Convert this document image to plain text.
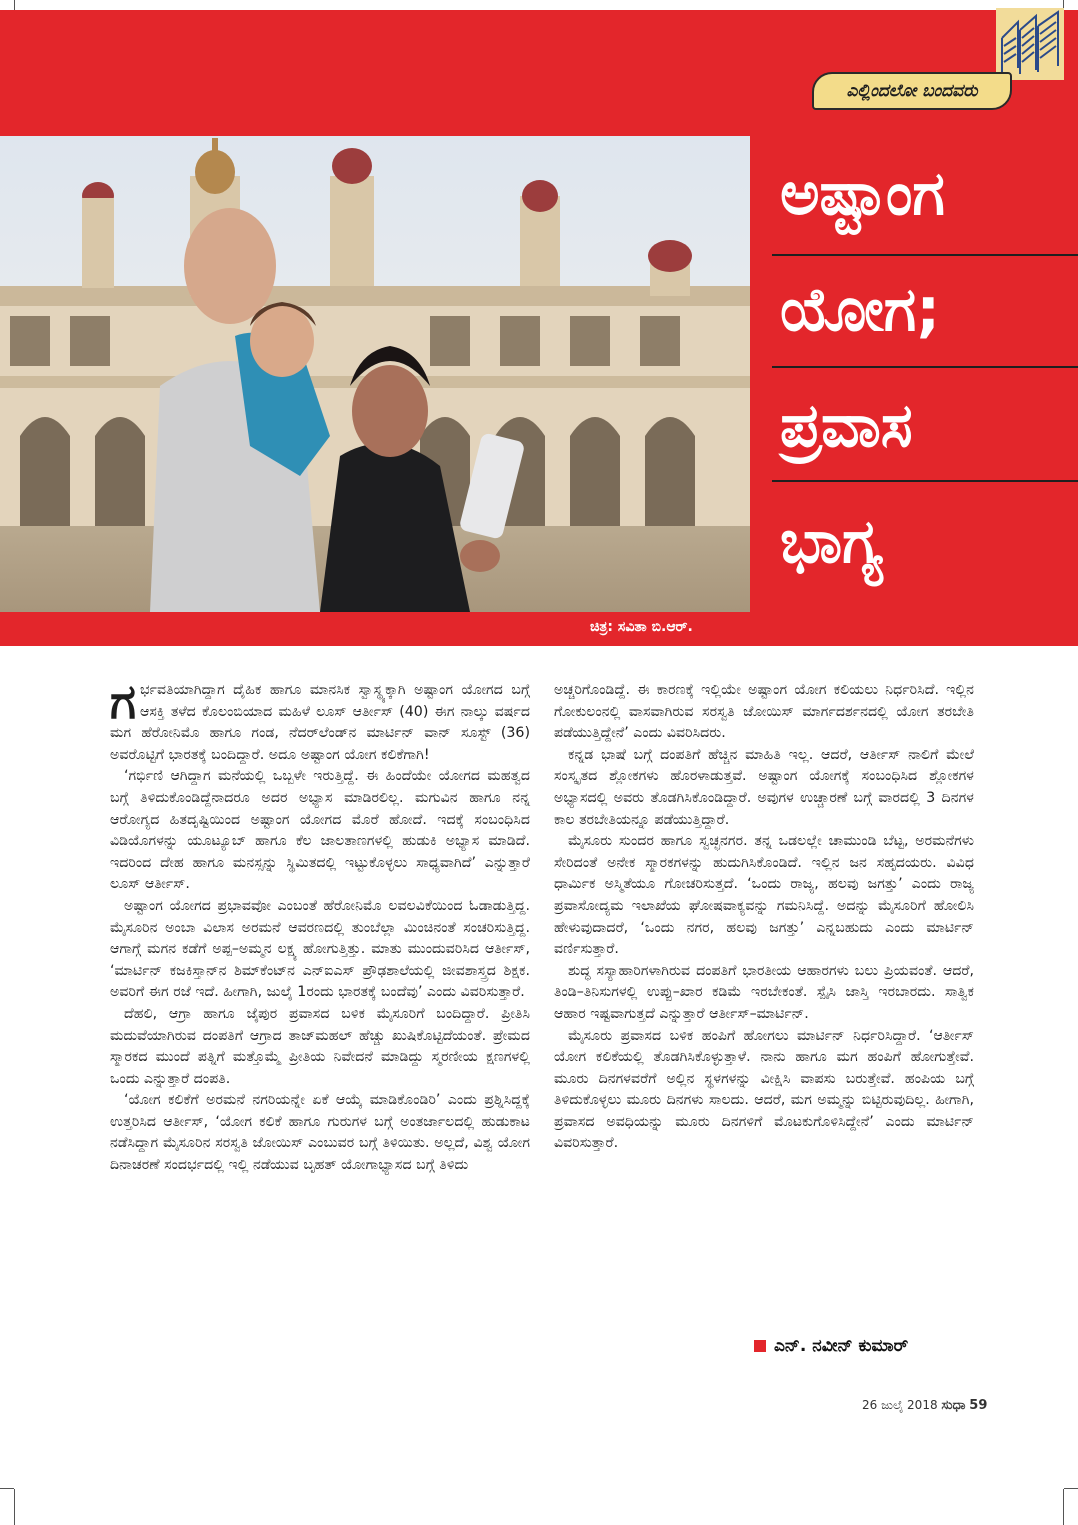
ಎಲ್ಲಿಂದಲೋ ಬಂದವರು
ಚಿತ್ರ: ಸವಿತಾ ಬಿ.ಆರ್.
ಅಷ್ಟಾಂಗ
ಯೋಗ;
ಪ್ರವಾಸ
ಭಾಗ್ಯ

ಗರ್ಭವತಿಯಾಗಿದ್ದಾಗ ದೈಹಿಕ ಹಾಗೂ ಮಾನಸಿಕ ಸ್ವಾಸ್ಥ್ಯಕ್ಕಾಗಿ ಅಷ್ಟಾಂಗ ಯೋಗದ ಬಗ್ಗೆ ಆಸಕ್ತಿ ತಳೆದ ಕೊಲಂಬಿಯಾದ ಮಹಿಳೆ ಲೂಸ್ ಆರ್ತೀಸ್ (40) ಈಗ ನಾಲ್ಕು ವರ್ಷದ ಮಗ ಹೆರೋನಿಮೊ ಹಾಗೂ ಗಂಡ, ನೆದರ್‌ಲೆಂಡ್‌ನ ಮಾರ್ಟಿನ್ ವಾನ್ ಸೂಸ್ಟ್ (36) ಅವರೊಟ್ಟಿಗೆ ಭಾರತಕ್ಕೆ ಬಂದಿದ್ದಾರೆ. ಅದೂ ಅಷ್ಟಾಂಗ ಯೋಗ ಕಲಿಕೆಗಾಗಿ!

‘ಗರ್ಭಿಣಿ ಆಗಿದ್ದಾಗ ಮನೆಯಲ್ಲಿ ಒಬ್ಬಳೇ ಇರುತ್ತಿದ್ದೆ. ಈ ಹಿಂದೆಯೇ ಯೋಗದ ಮಹತ್ವದ ಬಗ್ಗೆ ತಿಳಿದುಕೊಂಡಿದ್ದೆನಾದರೂ ಅದರ ಅಭ್ಯಾಸ ಮಾಡಿರಲಿಲ್ಲ. ಮಗುವಿನ ಹಾಗೂ ನನ್ನ ಆರೋಗ್ಯದ ಹಿತದೃಷ್ಟಿಯಿಂದ ಅಷ್ಟಾಂಗ ಯೋಗದ ಮೊರೆ ಹೋದೆ. ಇದಕ್ಕೆ ಸಂಬಂಧಿಸಿದ ವಿಡಿಯೊಗಳನ್ನು ಯೂಟ್ಯೂಬ್ ಹಾಗೂ ಕೆಲ ಜಾಲತಾಣಗಳಲ್ಲಿ ಹುಡುಕಿ ಅಭ್ಯಾಸ ಮಾಡಿದೆ. ಇದರಿಂದ ದೇಹ ಹಾಗೂ ಮನಸ್ಸನ್ನು ಸ್ಥಿಮಿತದಲ್ಲಿ ಇಟ್ಟುಕೊಳ್ಳಲು ಸಾಧ್ಯವಾಗಿದೆ’ ಎನ್ನುತ್ತಾರೆ ಲೂಸ್ ಆರ್ತೀಸ್.

ಅಷ್ಟಾಂಗ ಯೋಗದ ಪ್ರಭಾವವೋ ಎಂಬಂತೆ ಹೆರೋನಿಮೊ ಲವಲವಿಕೆಯಿಂದ ಓಡಾಡುತ್ತಿದ್ದ. ಮೈಸೂರಿನ ಅಂಬಾ ವಿಲಾಸ ಅರಮನೆ ಆವರಣದಲ್ಲಿ ತುಂಬೆಲ್ಲಾ ಮಿಂಚಿನಂತೆ ಸಂಚರಿಸುತ್ತಿದ್ದ. ಆಗಾಗ್ಗೆ ಮಗನ ಕಡೆಗೆ ಅಪ್ಪ–ಅಮ್ಮನ ಲಕ್ಷ್ಯ ಹೋಗುತ್ತಿತ್ತು. ಮಾತು ಮುಂದುವರಿಸಿದ ಆರ್ತೀಸ್, ‘ಮಾರ್ಟಿನ್ ಕಜಕಿಸ್ತಾನ್‌ನ ಶಿಮ್‌ಕೆಂಟ್‌ನ ಎನ್‌ಐಎಸ್ ಪ್ರೌಢಶಾಲೆಯಲ್ಲಿ ಜೀವಶಾಸ್ತ್ರದ ಶಿಕ್ಷಕ. ಅವರಿಗೆ ಈಗ ರಜೆ ಇದೆ. ಹೀಗಾಗಿ, ಜುಲೈ 1ರಂದು ಭಾರತಕ್ಕೆ ಬಂದೆವು’ ಎಂದು ವಿವರಿಸುತ್ತಾರೆ.

ದೆಹಲಿ, ಆಗ್ರಾ ಹಾಗೂ ಜೈಪುರ ಪ್ರವಾಸದ ಬಳಿಕ ಮೈಸೂರಿಗೆ ಬಂದಿದ್ದಾರೆ. ಪ್ರೀತಿಸಿ ಮದುವೆಯಾಗಿರುವ ದಂಪತಿಗೆ ಆಗ್ರಾದ ತಾಜ್‌ಮಹಲ್ ಹೆಚ್ಚು ಖುಷಿಕೊಟ್ಟಿದೆಯಂತೆ. ಪ್ರೇಮದ ಸ್ಮಾರಕದ ಮುಂದೆ ಪತ್ನಿಗೆ ಮತ್ತೊಮ್ಮೆ ಪ್ರೀತಿಯ ನಿವೇದನೆ ಮಾಡಿದ್ದು ಸ್ಮರಣೀಯ ಕ್ಷಣಗಳಲ್ಲಿ ಒಂದು ಎನ್ನುತ್ತಾರೆ ದಂಪತಿ.

‘ಯೋಗ ಕಲಿಕೆಗೆ ಅರಮನೆ ನಗರಿಯನ್ನೇ ಏಕೆ ಆಯ್ಕೆ ಮಾಡಿಕೊಂಡಿರಿ’ ಎಂದು ಪ್ರಶ್ನಿಸಿದ್ದಕ್ಕೆ ಉತ್ತರಿಸಿದ ಆರ್ತೀಸ್, ‘ಯೋಗ ಕಲಿಕೆ ಹಾಗೂ ಗುರುಗಳ ಬಗ್ಗೆ ಅಂತರ್ಜಾಲದಲ್ಲಿ ಹುಡುಕಾಟ ನಡೆಸಿದ್ದಾಗ ಮೈಸೂರಿನ ಸರಸ್ವತಿ ಜೋಯಿಸ್ ಎಂಬುವರ ಬಗ್ಗೆ ತಿಳಿಯಿತು. ಅಲ್ಲದೆ, ವಿಶ್ವ ಯೋಗ ದಿನಾಚರಣೆ ಸಂದರ್ಭದಲ್ಲಿ ಇಲ್ಲಿ ನಡೆಯುವ ಬೃಹತ್ ಯೋಗಾಭ್ಯಾಸದ ಬಗ್ಗೆ ತಿಳಿದು

ಅಚ್ಚರಿಗೊಂಡಿದ್ದೆ. ಈ ಕಾರಣಕ್ಕೆ ಇಲ್ಲಿಯೇ ಅಷ್ಟಾಂಗ ಯೋಗ ಕಲಿಯಲು ನಿರ್ಧರಿಸಿದೆ. ಇಲ್ಲಿನ ಗೋಕುಲಂನಲ್ಲಿ ವಾಸವಾಗಿರುವ ಸರಸ್ವತಿ ಜೋಯಿಸ್ ಮಾರ್ಗದರ್ಶನದಲ್ಲಿ ಯೋಗ ತರಬೇತಿ ಪಡೆಯುತ್ತಿದ್ದೇನೆ’ ಎಂದು ವಿವರಿಸಿದರು.

ಕನ್ನಡ ಭಾಷೆ ಬಗ್ಗೆ ದಂಪತಿಗೆ ಹೆಚ್ಚಿನ ಮಾಹಿತಿ ಇಲ್ಲ. ಆದರೆ, ಆರ್ತೀಸ್ ನಾಲಿಗೆ ಮೇಲೆ ಸಂಸ್ಕೃತದ ಶ್ಲೋಕಗಳು ಹೊರಳಾಡುತ್ತವೆ. ಅಷ್ಟಾಂಗ ಯೋಗಕ್ಕೆ ಸಂಬಂಧಿಸಿದ ಶ್ಲೋಕಗಳ ಅಭ್ಯಾಸದಲ್ಲಿ ಅವರು ತೊಡಗಿಸಿಕೊಂಡಿದ್ದಾರೆ. ಅವುಗಳ ಉಚ್ಚಾರಣೆ ಬಗ್ಗೆ ವಾರದಲ್ಲಿ 3 ದಿನಗಳ ಕಾಲ ತರಬೇತಿಯನ್ನೂ ಪಡೆಯುತ್ತಿದ್ದಾರೆ.

ಮೈಸೂರು ಸುಂದರ ಹಾಗೂ ಸ್ವಚ್ಛನಗರ. ತನ್ನ ಒಡಲಲ್ಲೇ ಚಾಮುಂಡಿ ಬೆಟ್ಟ, ಅರಮನೆಗಳು ಸೇರಿದಂತೆ ಅನೇಕ ಸ್ಮಾರಕಗಳನ್ನು ಹುದುಗಿಸಿಕೊಂಡಿದೆ. ಇಲ್ಲಿನ ಜನ ಸಹೃದಯರು. ವಿವಿಧ ಧಾರ್ಮಿಕ ಅಸ್ಮಿತೆಯೂ ಗೋಚರಿಸುತ್ತದೆ. ‘ಒಂದು ರಾಜ್ಯ, ಹಲವು ಜಗತ್ತು’ ಎಂದು ರಾಜ್ಯ ಪ್ರವಾಸೋದ್ಯಮ ಇಲಾಖೆಯ ಘೋಷವಾಕ್ಯವನ್ನು ಗಮನಿಸಿದ್ದೆ. ಅದನ್ನು ಮೈಸೂರಿಗೆ ಹೋಲಿಸಿ ಹೇಳುವುದಾದರೆ, ‘ಒಂದು ನಗರ, ಹಲವು ಜಗತ್ತು’ ಎನ್ನಬಹುದು ಎಂದು ಮಾರ್ಟಿನ್ ವರ್ಣಿಸುತ್ತಾರೆ.

ಶುದ್ಧ ಸಸ್ಯಾಹಾರಿಗಳಾಗಿರುವ ದಂಪತಿಗೆ ಭಾರತೀಯ ಆಹಾರಗಳು ಬಲು ಪ್ರಿಯವಂತೆ. ಆದರೆ, ತಿಂಡಿ–ತಿನಿಸುಗಳಲ್ಲಿ ಉಪ್ಪು–ಖಾರ ಕಡಿಮೆ ಇರಬೇಕಂತೆ. ಸ್ಪೈಸಿ ಜಾಸ್ತಿ ಇರಬಾರದು. ಸಾತ್ವಿಕ ಆಹಾರ ಇಷ್ಟವಾಗುತ್ತದೆ ಎನ್ನುತ್ತಾರೆ ಆರ್ತೀಸ್–ಮಾರ್ಟಿನ್.

ಮೈಸೂರು ಪ್ರವಾಸದ ಬಳಿಕ ಹಂಪಿಗೆ ಹೋಗಲು ಮಾರ್ಟಿನ್ ನಿರ್ಧರಿಸಿದ್ದಾರೆ. ‘ಆರ್ತೀಸ್ ಯೋಗ ಕಲಿಕೆಯಲ್ಲಿ ತೊಡಗಿಸಿಕೊಳ್ಳುತ್ತಾಳೆ. ನಾನು ಹಾಗೂ ಮಗ ಹಂಪಿಗೆ ಹೋಗುತ್ತೇವೆ. ಮೂರು ದಿನಗಳವರೆಗೆ ಅಲ್ಲಿನ ಸ್ಥಳಗಳನ್ನು ವೀಕ್ಷಿಸಿ ವಾಪಸು ಬರುತ್ತೇವೆ. ಹಂಪಿಯ ಬಗ್ಗೆ ತಿಳಿದುಕೊಳ್ಳಲು ಮೂರು ದಿನಗಳು ಸಾಲದು. ಆದರೆ, ಮಗ ಅಮ್ಮನ್ನು ಬಿಟ್ಟಿರುವುದಿಲ್ಲ. ಹೀಗಾಗಿ, ಪ್ರವಾಸದ ಅವಧಿಯನ್ನು ಮೂರು ದಿನಗಳಿಗೆ ಮೊಟಕುಗೊಳಿಸಿದ್ದೇನೆ’ ಎಂದು ಮಾರ್ಟಿನ್ ವಿವರಿಸುತ್ತಾರೆ.

ಎನ್. ನವೀನ್ ಕುಮಾರ್
26 ಜುಲೈ 2018 ಸುಧಾ 59
